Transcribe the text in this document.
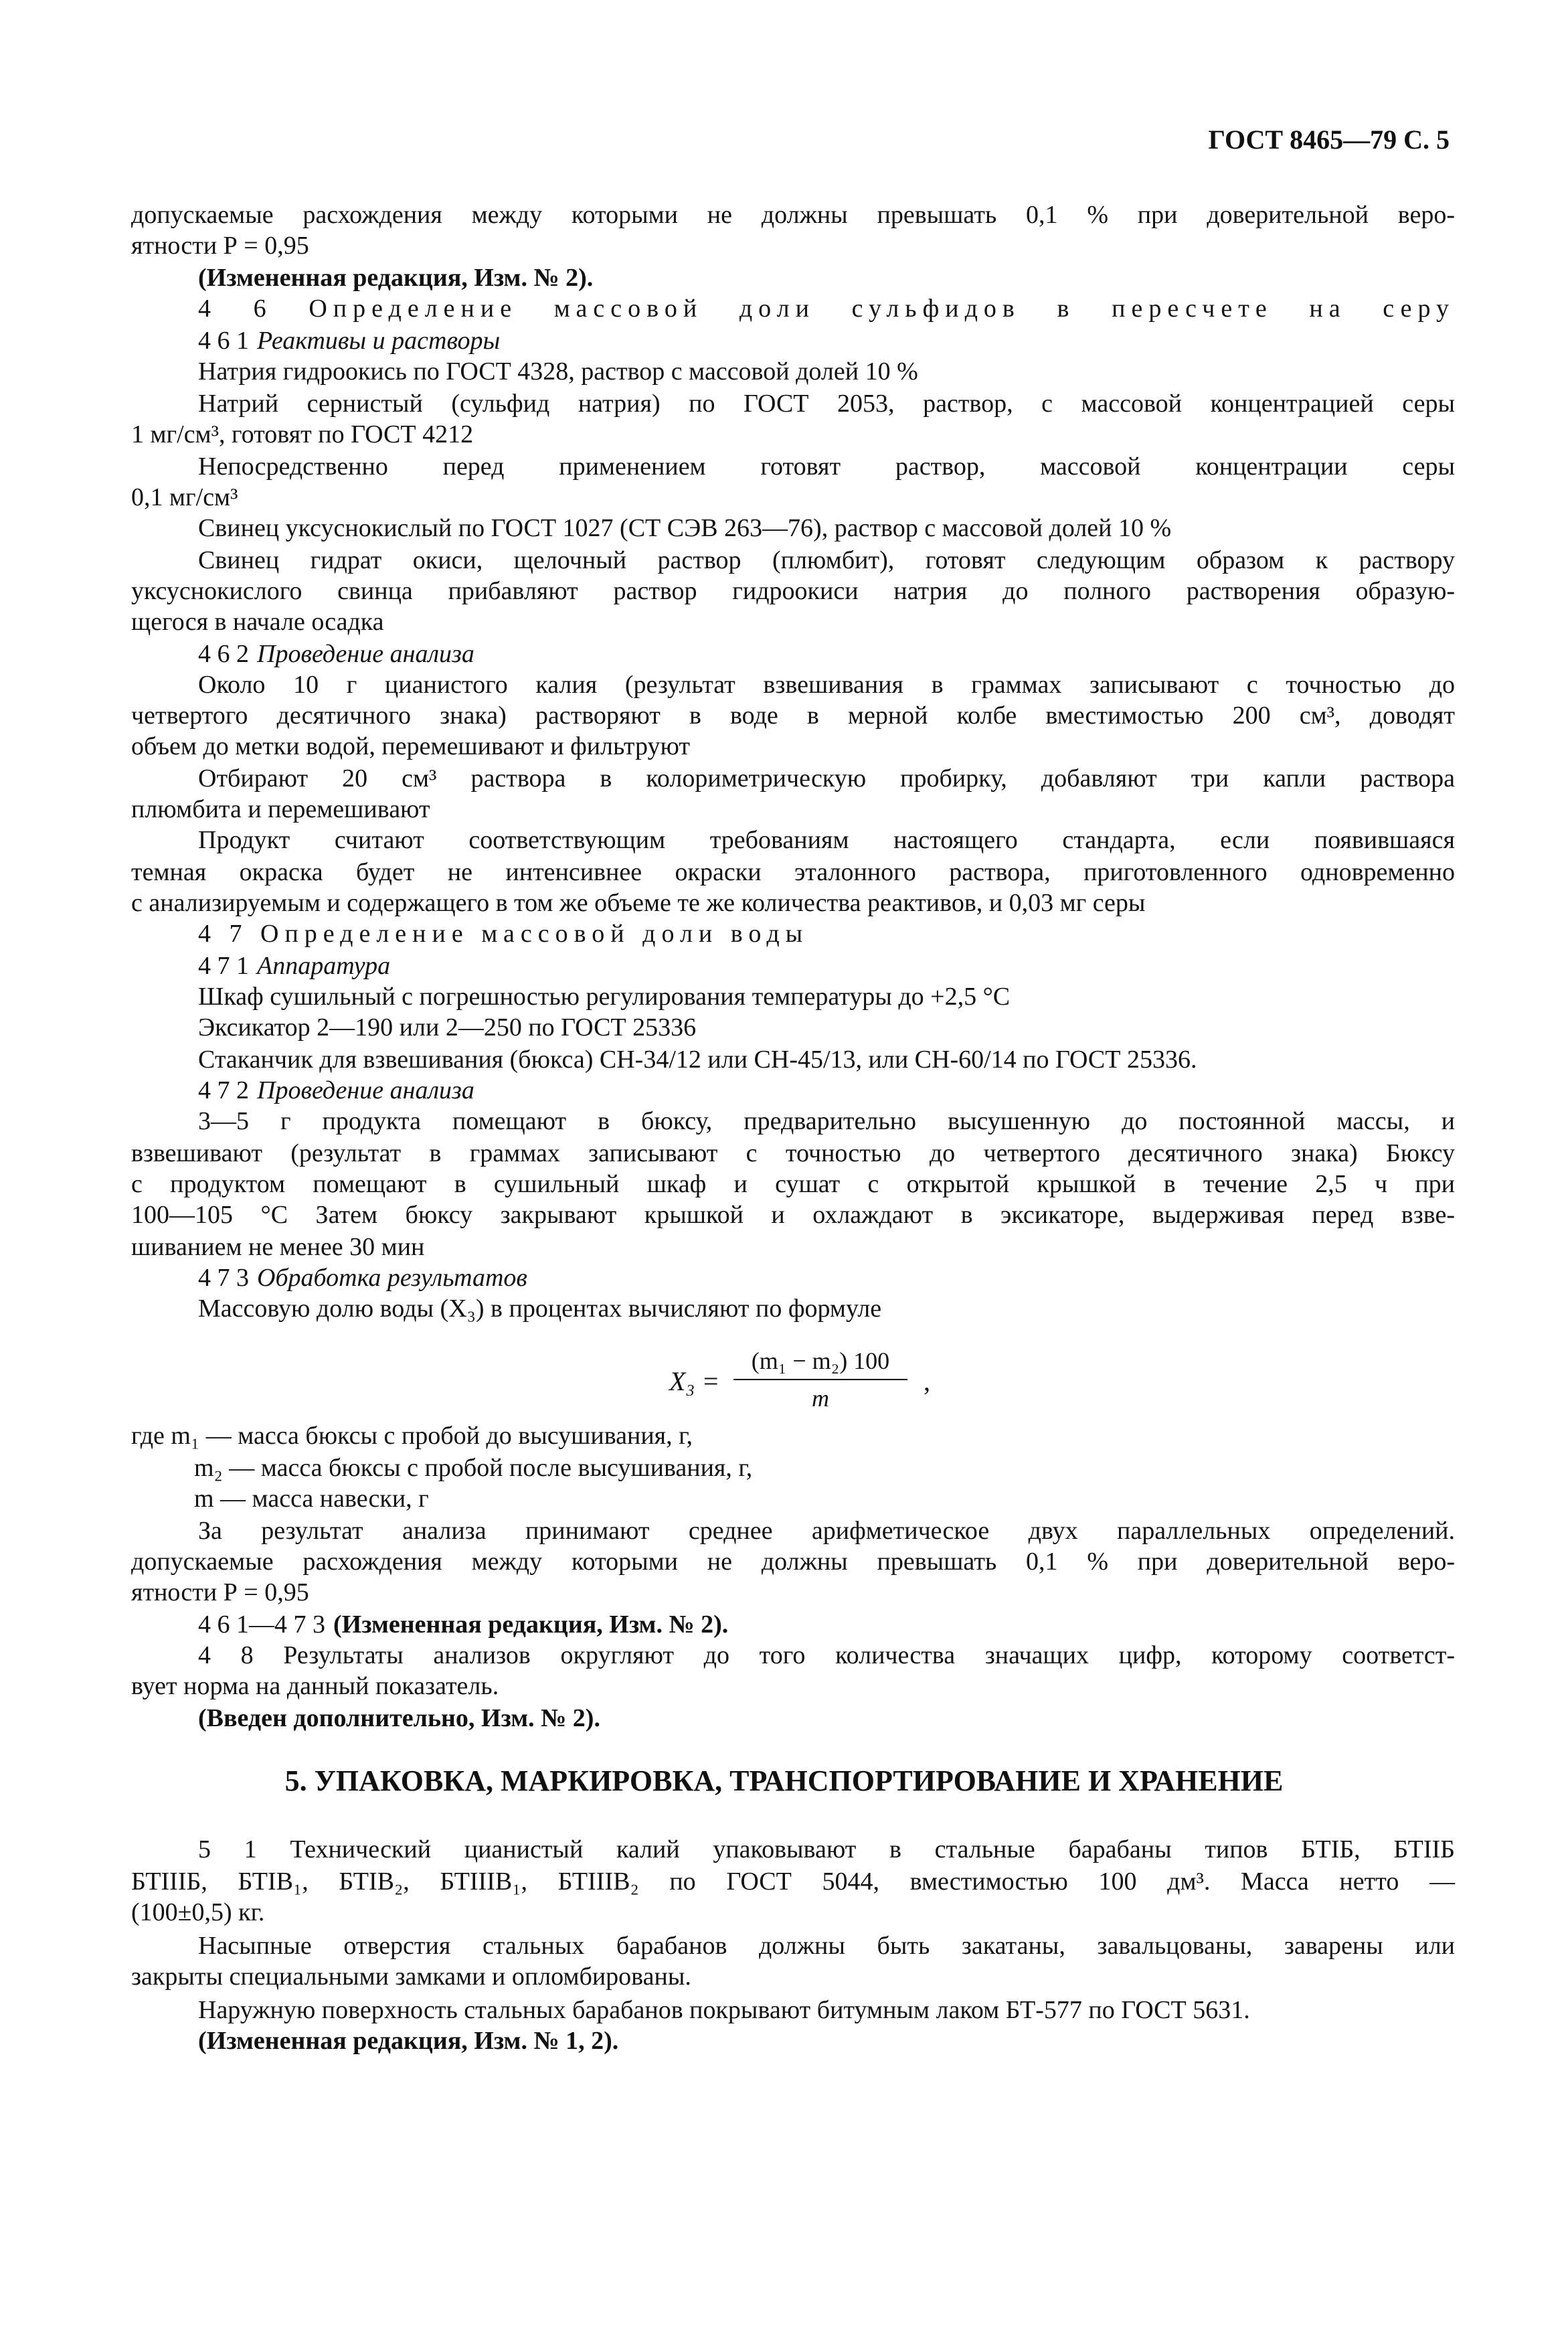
ГОСТ 8465—79 С. 5

допускаемые расхождения между которыми не должны превышать 0,1 % при доверительной веро-

ятности Р = 0,95

(Измененная редакция, Изм. № 2).

4 6 Определение массовой доли сульфидов в пересчете на серу

4 6 1 Реактивы и растворы

Натрия гидроокись по ГОСТ 4328, раствор с массовой долей 10 %

Натрий сернистый (сульфид натрия) по ГОСТ 2053, раствор, с массовой концентрацией серы

1 мг/см³, готовят по ГОСТ 4212

Непосредственно перед применением готовят раствор, массовой концентрации серы

0,1 мг/см³

Свинец уксуснокислый по ГОСТ 1027 (СТ СЭВ 263—76), раствор с массовой долей 10 %

Свинец гидрат окиси, щелочный раствор (плюмбит), готовят следующим образом к раствору

уксуснокислого свинца прибавляют раствор гидроокиси натрия до полного растворения образую-

щегося в начале осадка

4 6 2 Проведение анализа

Около 10 г цианистого калия (результат взвешивания в граммах записывают с точностью до

четвертого десятичного знака) растворяют в воде в мерной колбе вместимостью 200 см³, доводят

объем до метки водой, перемешивают и фильтруют

Отбирают 20 см³ раствора в колориметрическую пробирку, добавляют три капли раствора

плюмбита и перемешивают

Продукт считают соответствующим требованиям настоящего стандарта, если появившаяся

темная окраска будет не интенсивнее окраски эталонного раствора, приготовленного одновременно

с анализируемым и содержащего в том же объеме те же количества реактивов, и 0,03 мг серы

4 7 Определение массовой доли воды

4 7 1 Аппаратура

Шкаф сушильный с погрешностью регулирования температуры до +2,5 °С

Эксикатор 2—190 или 2—250 по ГОСТ 25336

Стаканчик для взвешивания (бюкса) СН-34/12 или СН-45/13, или СН-60/14 по ГОСТ 25336.

4 7 2 Проведение анализа

3—5 г продукта помещают в бюксу, предварительно высушенную до постоянной массы, и

взвешивают (результат в граммах записывают с точностью до четвертого десятичного знака) Бюксу

с продуктом помещают в сушильный шкаф и сушат с открытой крышкой в течение 2,5 ч при

100—105 °С Затем бюксу закрывают крышкой и охлаждают в эксикаторе, выдерживая перед взве-

шиванием не менее 30 мин

4 7 3 Обработка результатов

Массовую долю воды (X₃) в процентах вычисляют по формуле

X₃ =
(m₁ − m₂) 100
m
,

где m₁ — масса бюксы с пробой до высушивания, г,

m₂ — масса бюксы с пробой после высушивания, г,

m — масса навески, г

За результат анализа принимают среднее арифметическое двух параллельных определений.

допускаемые расхождения между которыми не должны превышать 0,1 % при доверительной веро-

ятности Р = 0,95

4 6 1—4 7 3 (Измененная редакция, Изм. № 2).

4 8 Результаты анализов округляют до того количества значащих цифр, которому соответст-

вует норма на данный показатель.

(Введен дополнительно, Изм. № 2).

5. УПАКОВКА, МАРКИРОВКА, ТРАНСПОРТИРОВАНИЕ И ХРАНЕНИЕ

5 1 Технический цианистый калий упаковывают в стальные барабаны типов БТІБ, БТІІБ

БТІІІБ, БТІВ₁, БТІВ₂, БТІІІВ₁, БТІІІВ₂ по ГОСТ 5044, вместимостью 100 дм³. Масса нетто —

(100±0,5) кг.

Насыпные отверстия стальных барабанов должны быть закатаны, завальцованы, заварены или

закрыты специальными замками и опломбированы.

Наружную поверхность стальных барабанов покрывают битумным лаком БТ-577 по ГОСТ 5631.

(Измененная редакция, Изм. № 1, 2).
